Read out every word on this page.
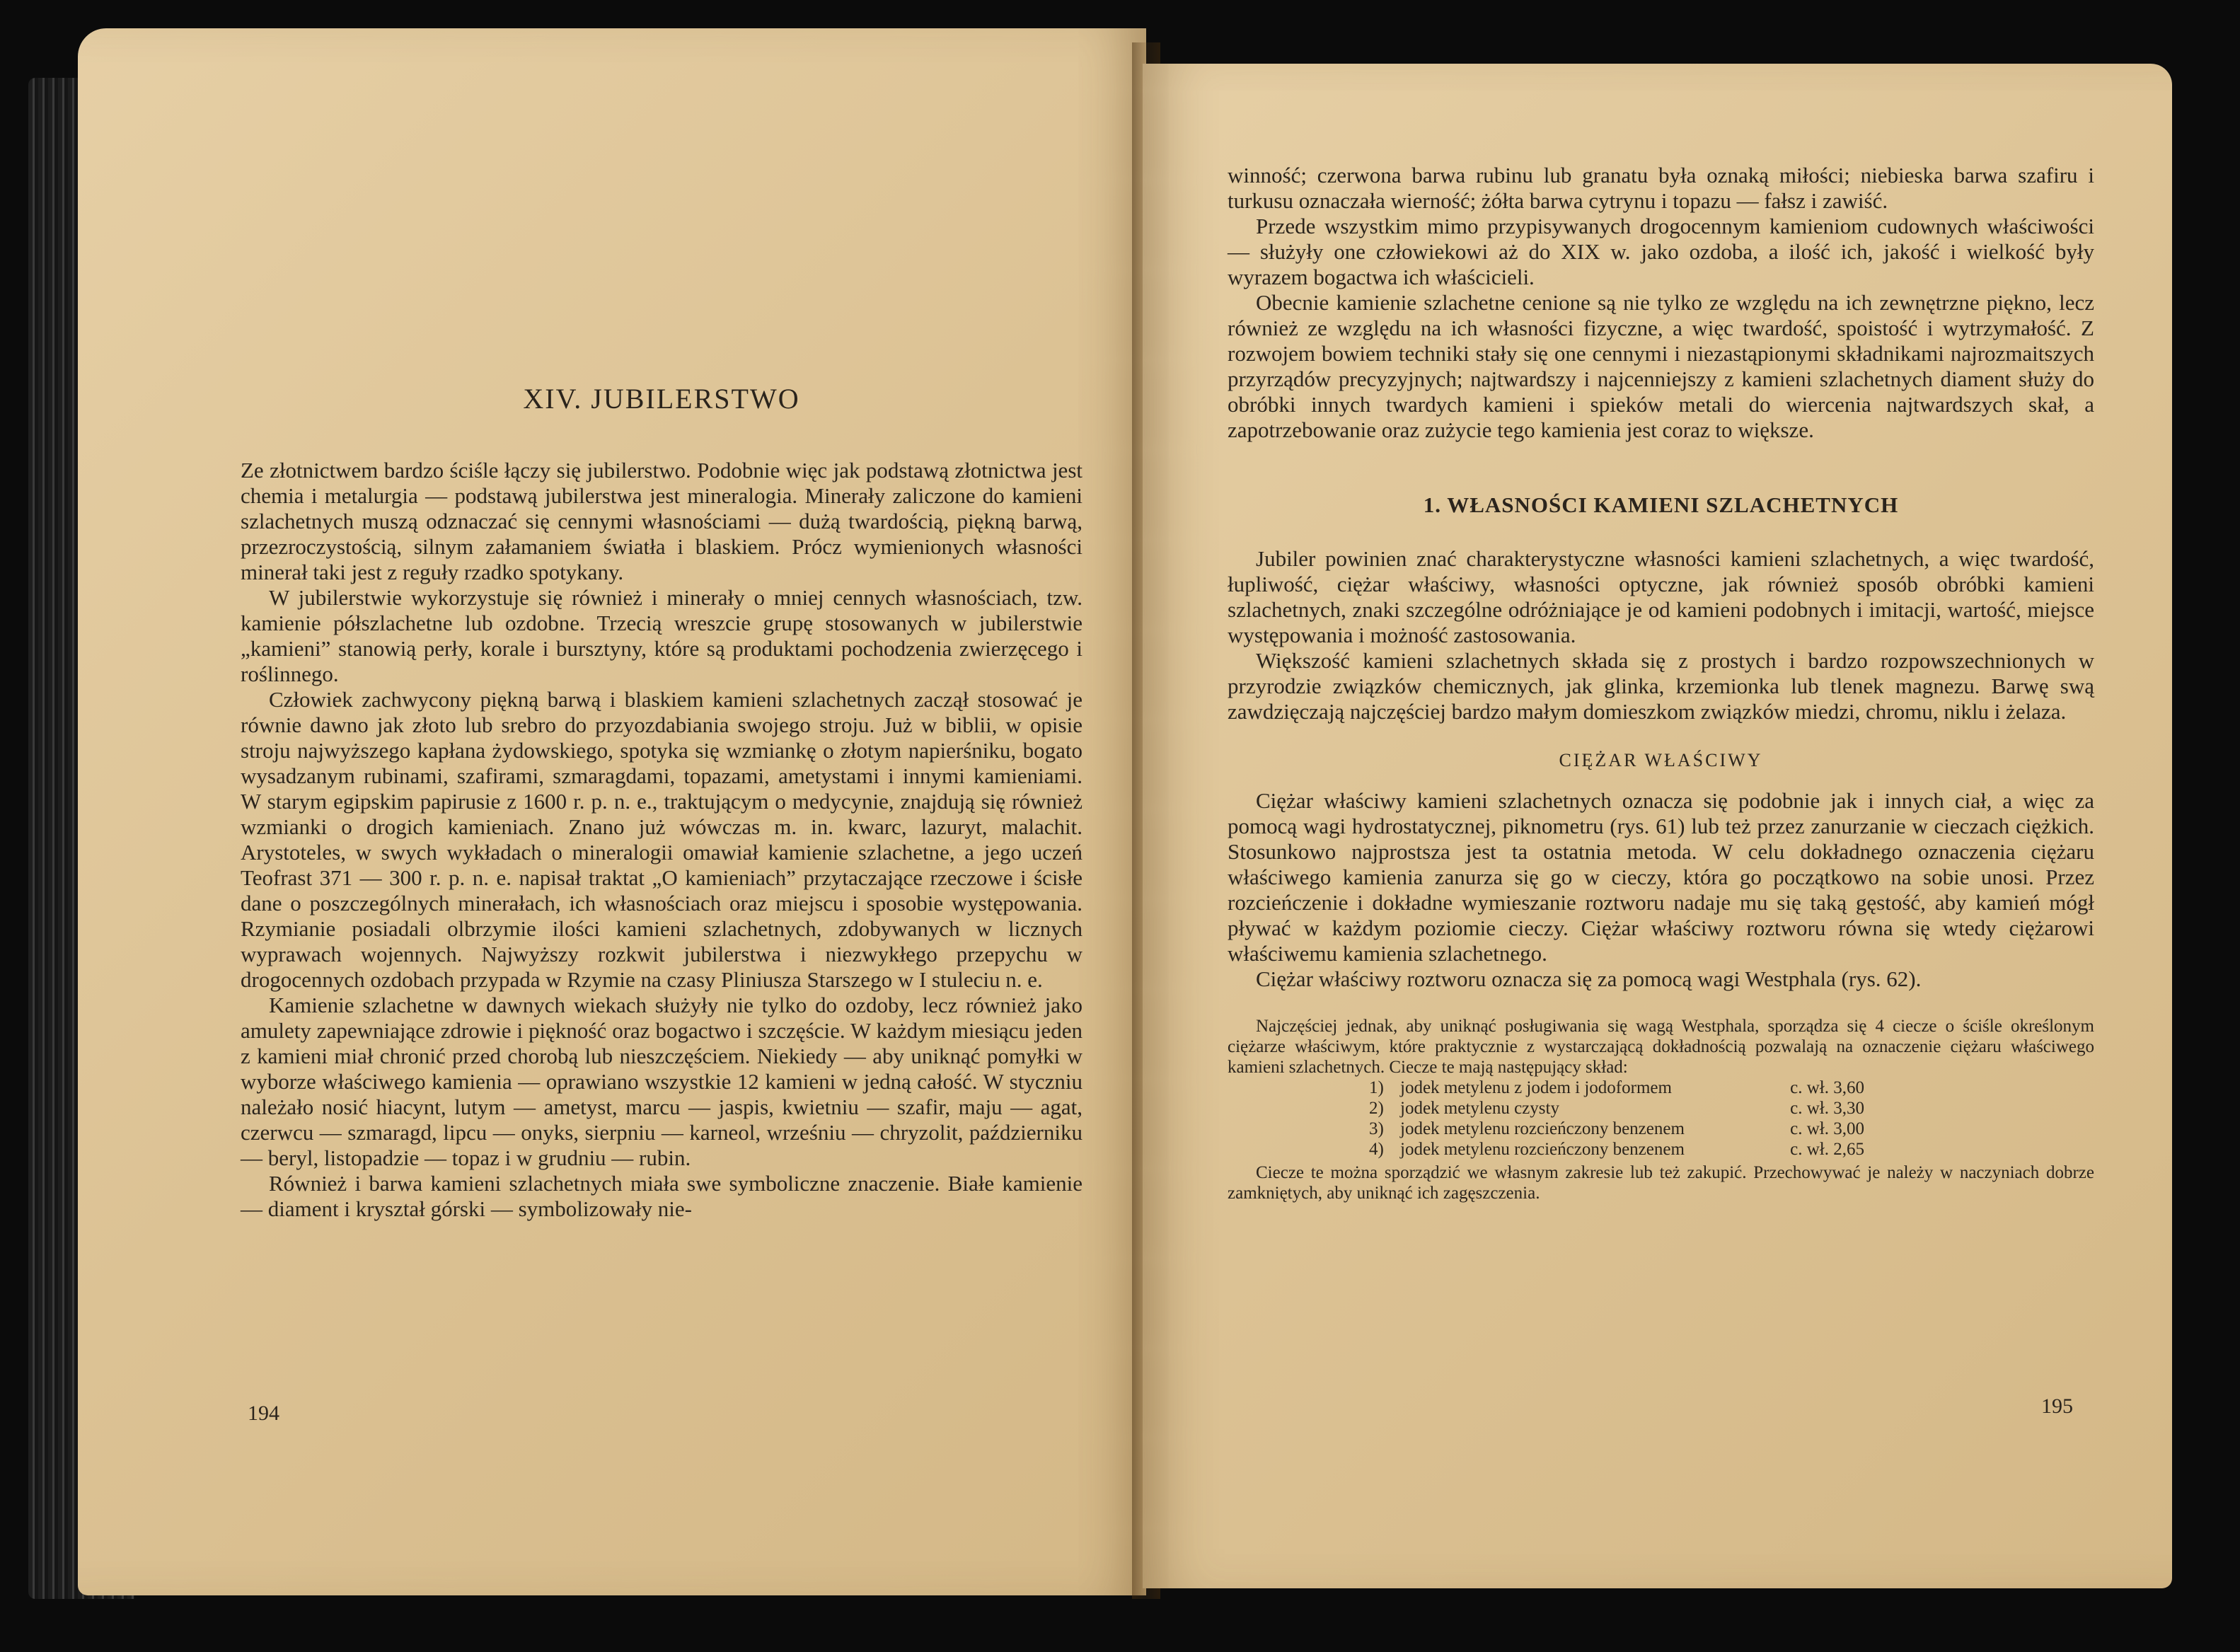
XIV. JUBILERSTWO

Ze złotnictwem bardzo ściśle łączy się jubilerstwo. Podobnie więc jak podstawą złotnictwa jest chemia i metalurgia — podstawą jubilerstwa jest mineralogia. Minerały zaliczone do kamieni szlachetnych muszą odznaczać się cennymi własnościami — dużą twardością, piękną barwą, przezroczystością, silnym załamaniem światła i blaskiem. Prócz wymienionych własności minerał taki jest z reguły rzadko spotykany.

W jubilerstwie wykorzystuje się również i minerały o mniej cennych własnościach, tzw. kamienie półszlachetne lub ozdobne. Trzecią wreszcie grupę stosowanych w jubilerstwie „kamieni” stanowią perły, korale i bursztyny, które są produktami pochodzenia zwierzęcego i roślinnego.

Człowiek zachwycony piękną barwą i blaskiem kamieni szlachetnych zaczął stosować je równie dawno jak złoto lub srebro do przyozdabiania swojego stroju. Już w biblii, w opisie stroju najwyższego kapłana żydowskiego, spotyka się wzmiankę o złotym napierśniku, bogato wysadzanym rubinami, szafirami, szmaragdami, topazami, ametystami i innymi kamieniami. W starym egipskim papirusie z 1600 r. p. n. e., traktującym o medycynie, znajdują się również wzmianki o drogich kamieniach. Znano już wówczas m. in. kwarc, lazuryt, malachit. Arystoteles, w swych wykładach o mineralogii omawiał kamienie szlachetne, a jego uczeń Teofrast 371 — 300 r. p. n. e. napisał traktat „O kamieniach” przytaczające rzeczowe i ścisłe dane o poszczególnych minerałach, ich własnościach oraz miejscu i sposobie występowania. Rzymianie posiadali olbrzymie ilości kamieni szlachetnych, zdobywanych w licznych wyprawach wojennych. Najwyższy rozkwit jubilerstwa i niezwykłego przepychu w drogocennych ozdobach przypada w Rzymie na czasy Pliniusza Starszego w I stuleciu n. e.

Kamienie szlachetne w dawnych wiekach służyły nie tylko do ozdoby, lecz również jako amulety zapewniające zdrowie i piękność oraz bogactwo i szczęście. W każdym miesiącu jeden z kamieni miał chronić przed chorobą lub nieszczęściem. Niekiedy — aby uniknąć pomyłki w wyborze właściwego kamienia — oprawiano wszystkie 12 kamieni w jedną całość. W styczniu należało nosić hiacynt, lutym — ametyst, marcu — jaspis, kwietniu — szafir, maju — agat, czerwcu — szmaragd, lipcu — onyks, sierpniu — karneol, wrześniu — chryzolit, październiku — beryl, listopadzie — topaz i w grudniu — rubin.

Również i barwa kamieni szlachetnych miała swe symboliczne znaczenie. Białe kamienie — diament i kryształ górski — symbolizowały nie-

194

winność; czerwona barwa rubinu lub granatu była oznaką miłości; niebieska barwa szafiru i turkusu oznaczała wierność; żółta barwa cytrynu i topazu — fałsz i zawiść.

Przede wszystkim mimo przypisywanych drogocennym kamieniom cudownych właściwości — służyły one człowiekowi aż do XIX w. jako ozdoba, a ilość ich, jakość i wielkość były wyrazem bogactwa ich właścicieli.

Obecnie kamienie szlachetne cenione są nie tylko ze względu na ich zewnętrzne piękno, lecz również ze względu na ich własności fizyczne, a więc twardość, spoistość i wytrzymałość. Z rozwojem bowiem techniki stały się one cennymi i niezastąpionymi składnikami najrozmaitszych przyrządów precyzyjnych; najtwardszy i najcenniejszy z kamieni szlachetnych diament służy do obróbki innych twardych kamieni i spieków metali do wiercenia najtwardszych skał, a zapotrzebowanie oraz zużycie tego kamienia jest coraz to większe.

1. WŁASNOŚCI KAMIENI SZLACHETNYCH

Jubiler powinien znać charakterystyczne własności kamieni szlachetnych, a więc twardość, łupliwość, ciężar właściwy, własności optyczne, jak również sposób obróbki kamieni szlachetnych, znaki szczególne odróżniające je od kamieni podobnych i imitacji, wartość, miejsce występowania i możność zastosowania.

Większość kamieni szlachetnych składa się z prostych i bardzo rozpowszechnionych w przyrodzie związków chemicznych, jak glinka, krzemionka lub tlenek magnezu. Barwę swą zawdzięczają najczęściej bardzo małym domieszkom związków miedzi, chromu, niklu i żelaza.

CIĘŻAR WŁAŚCIWY

Ciężar właściwy kamieni szlachetnych oznacza się podobnie jak i innych ciał, a więc za pomocą wagi hydrostatycznej, piknometru (rys. 61) lub też przez zanurzanie w cieczach ciężkich. Stosunkowo najprostsza jest ta ostatnia metoda. W celu dokładnego oznaczenia ciężaru właściwego kamienia zanurza się go w cieczy, która go początkowo na sobie unosi. Przez rozcieńczenie i dokładne wymieszanie roztworu nadaje mu się taką gęstość, aby kamień mógł pływać w każdym poziomie cieczy. Ciężar właściwy roztworu równa się wtedy ciężarowi właściwemu kamienia szlachetnego.

Ciężar właściwy roztworu oznacza się za pomocą wagi Westphala (rys. 62).

Najczęściej jednak, aby uniknąć posługiwania się wagą Westphala, sporządza się 4 ciecze o ściśle określonym ciężarze właściwym, które praktycznie z wystarczającą dokładnością pozwalają na oznaczenie ciężaru właściwego kamieni szlachetnych. Ciecze te mają następujący skład:

1) jodek metylenu z jodem i jodoformem	c. wł. 3,60
2) jodek metylenu czysty	c. wł. 3,30
3) jodek metylenu rozcieńczony benzenem	c. wł. 3,00
4) jodek metylenu rozcieńczony benzenem	c. wł. 2,65

Ciecze te można sporządzić we własnym zakresie lub też zakupić. Przechowywać je należy w naczyniach dobrze zamkniętych, aby uniknąć ich zagęszczenia.

195
